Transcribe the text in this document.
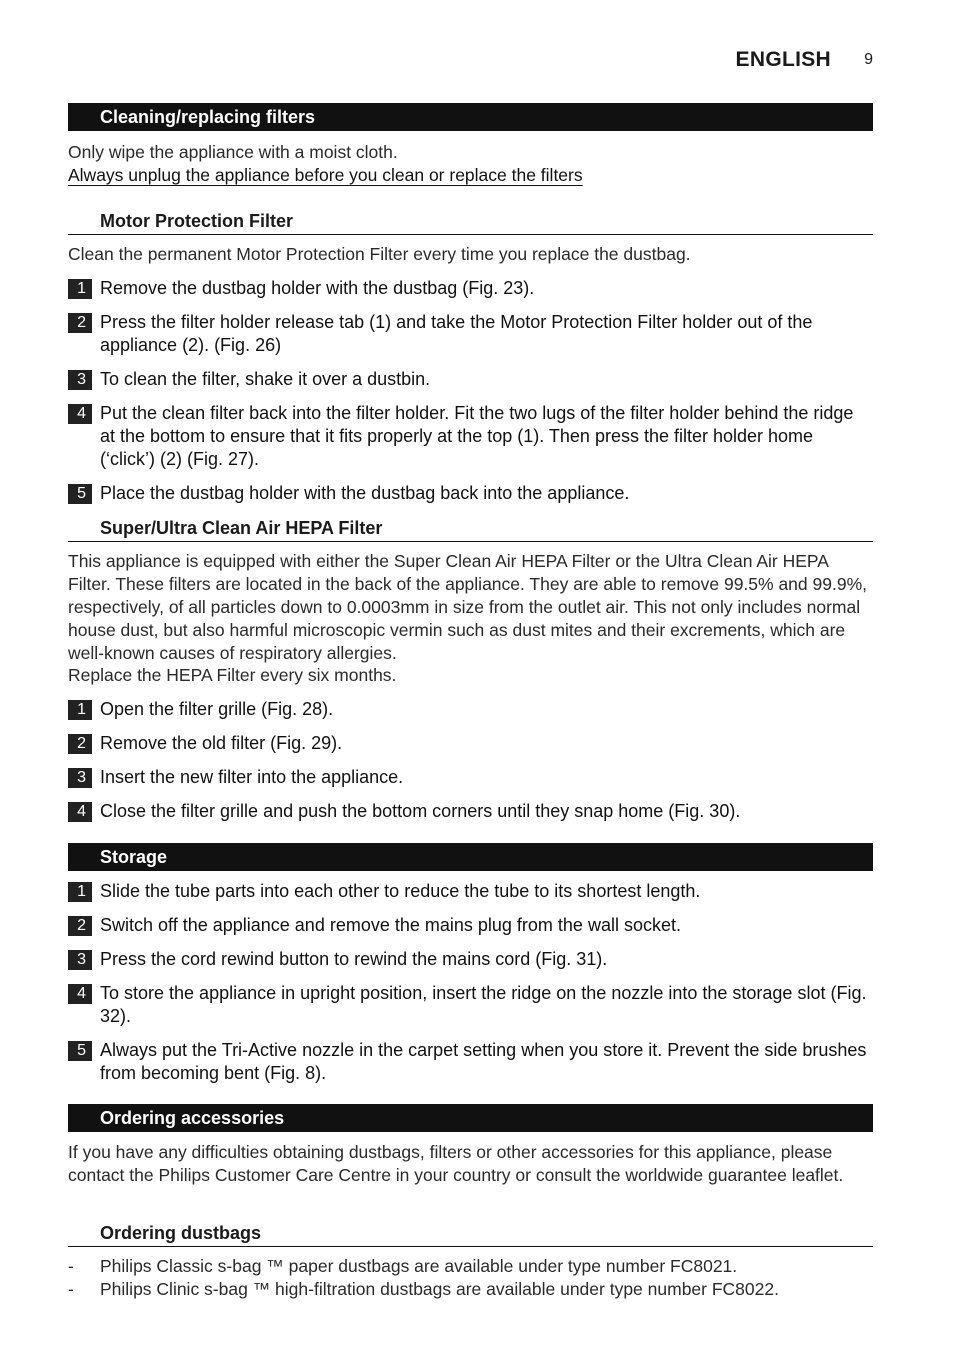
ENGLISH 9
Cleaning/replacing filters
Only wipe the appliance with a moist cloth.
Always unplug the appliance before you clean or replace the filters
Motor Protection Filter
Clean the permanent Motor Protection Filter every time you replace the dustbag.
1 Remove the dustbag holder with the dustbag (Fig. 23).
2 Press the filter holder release tab (1) and take the Motor Protection Filter holder out of the appliance (2). (Fig. 26)
3 To clean the filter, shake it over a dustbin.
4 Put the clean filter back into the filter holder. Fit the two lugs of the filter holder behind the ridge at the bottom to ensure that it fits properly at the top (1). Then press the filter holder home (‘click’) (2) (Fig. 27).
5 Place the dustbag holder with the dustbag back into the appliance.
Super/Ultra Clean Air HEPA Filter
This appliance is equipped with either the Super Clean Air HEPA Filter or the Ultra Clean Air HEPA Filter. These filters are located in the back of the appliance. They are able to remove 99.5% and 99.9%, respectively, of all particles down to 0.0003mm in size from the outlet air. This not only includes normal house dust, but also harmful microscopic vermin such as dust mites and their excrements, which are well-known causes of respiratory allergies.
Replace the HEPA Filter every six months.
1 Open the filter grille (Fig. 28).
2 Remove the old filter (Fig. 29).
3 Insert the new filter into the appliance.
4 Close the filter grille and push the bottom corners until they snap home (Fig. 30).
Storage
1 Slide the tube parts into each other to reduce the tube to its shortest length.
2 Switch off the appliance and remove the mains plug from the wall socket.
3 Press the cord rewind button to rewind the mains cord (Fig. 31).
4 To store the appliance in upright position, insert the ridge on the nozzle into the storage slot (Fig. 32).
5 Always put the Tri-Active nozzle in the carpet setting when you store it. Prevent the side brushes from becoming bent (Fig. 8).
Ordering accessories
If you have any difficulties obtaining dustbags, filters or other accessories for this appliance, please contact the Philips Customer Care Centre in your country or consult the worldwide guarantee leaflet.
Ordering dustbags
- Philips Classic s-bag ™ paper dustbags are available under type number FC8021.
- Philips Clinic s-bag ™ high-filtration dustbags are available under type number FC8022.
